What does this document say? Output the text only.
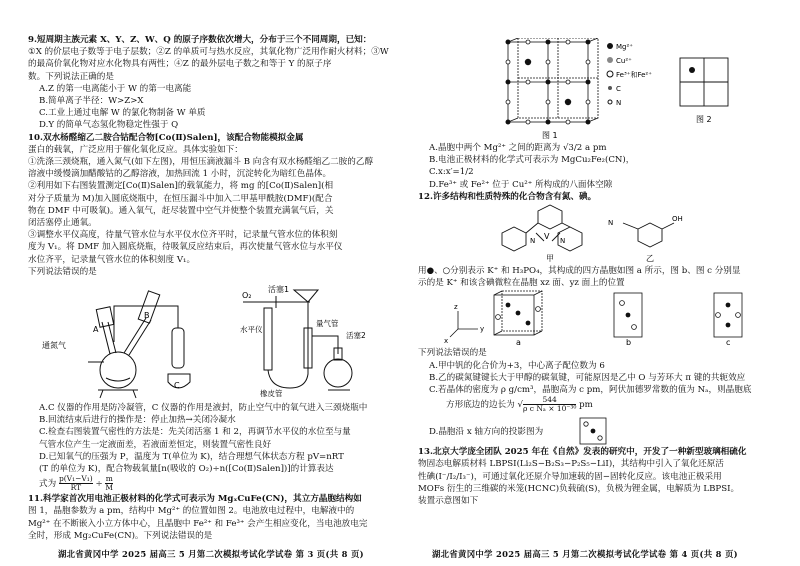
9.短周期主族元素 X、Y、Z、W、Q 的原子序数依次增大，分布于三个不同周期，已知：

①X 的价层电子数等于电子层数；②Z 的单质可与热水反应，其氧化物广泛用作耐火材料；③W

的最高价氧化物对应水化物具有两性；④Z 的最外层电子数之和等于 Y 的原子序

数。下列说法正确的是

A.Z 的第一电离能小于 W 的第一电离能

B.简单离子半径：W>Z>X

C.工业上通过电解 W 的氯化物制备 W 单质

D.Y 的简单气态氢化物稳定性强于 Q

10.双水杨醛缩乙二胺合钴配合物[Co(Ⅱ)Salen]，该配合物能模拟金属

蛋白的载氧，广泛应用于催化氧化反应。具体实验如下：

①洗涤三颈烧瓶，通入氮气(如下左图)，用恒压滴液漏斗 B 向含有双水杨醛缩乙二胺的乙醇

溶液中缓慢滴加醋酸钴的乙醇溶液，加热回流 1 小时，沉淀转化为暗红色晶体。

②利用如下右图装置测定[Co(Ⅱ)Salen]的载氧能力，将 mg 的[Co(Ⅱ)Salen](相

对分子质量为 M)加入圆底烧瓶中，在恒压漏斗中加入二甲基甲酰胺(DMF)(配合

物在 DMF 中可吸氧)。通入氧气，赶尽装置中空气并使整个装置充满氧气后，关

闭活塞停止通氧。

③调整水平仪高度，待量气管水位与水平仪水位齐平时，记录量气管水位的体积刻

度为 V₁。将 DMF 加入圆底烧瓶，待吸氧反应结束后，再次使量气管水位与水平仪

水位齐平，记录量气管水位的体积刻度 V₁。

下列说法错误的是

通氮气
A
B
C
O₂
活塞1
水平仪
量气管
活塞2
橡皮管

A.C 仪器的作用是防冷凝管，C 仪器的作用是液封，防止空气中的氧气进入三颈烧瓶中

B.回流结束后进行的操作是：停止加热→关闭冷凝水

C.检查右图装置气密性的方法是：先关闭活塞 1 和 2，再调节水平仪的水位至与量

气管水位产生一定液面差，若液面差恒定，则装置气密性良好

D.已知氧气的压强为 P，温度为 T(单位为 K)，结合理想气体状态方程 pV=nRT

(T 的单位为 K)，配合物载氧量[n(吸收的 O₂)÷n([Co(Ⅱ)Salen])]的计算表达

式为 $\frac{\text{p(V₁−V₁)}}{RT} \div \frac{m}{M}$

11.科学家首次用电池正极材料的化学式可表示为 MgₓCuFe(CN)，其立方晶胞结构如

图 1，晶胞参数为 a pm，结构中 Mg²⁺ 的位置如图 2。电池放电过程中，电解液中的

Mg²⁺ 在不断嵌入小立方体中心，且晶胞中 Fe²⁺ 和 Fe³⁺ 会产生相应变化，当电池放电完

全时，形成 Mg₂CuFe(CN)。下列说法错误的是

湖北省黄冈中学 2025 届高三 5 月第二次模拟考试化学试卷 第 3 页(共 8 页)
Mg²⁺
Cu²⁺
Fe³⁺和Fe²⁺
C
N
图 1
图 2

A.晶胞中两个 Mg²⁺ 之间的距离为 √3/2 a pm

B.电池正极材料的化学式可表示为 MgCu₂Fe₂(CN)，

C.x:x′=1/2

D.Fe³⁺ 或 Fe²⁺ 位于 Cu²⁺ 所构成的八面体空隙

12.许多结构和性质特殊的化合物含有氮、碘。

V
N	N
N	OH
甲	乙

用●、○分别表示 K⁺ 和 H₃PO₄，其构成的四方晶胞如图 a 所示，图 b、图 c 分别显

示的是 K⁺ 和该含碘微粒在晶胞 xz 面、yz 面上的位置

y
z
x	a	b	c

下列说法错误的是

A.甲中钒的化合价为+3，中心离子配位数为 6

B.乙的碳氮键键长大于甲醇的碳氧键，可能原因是乙中 O 与芳环大 π 键的共轭效应

C.若晶体的密度为 ρ g/cm³，晶胞高为 c pm，阿伏加德罗常数的值为 Nₐ，则晶胞底

方形底边的边长为 √ $\frac{544}{\text{ρ c Nₐ × 10⁻³⁰}}$ pm

D.晶胞沿 x 轴方向的投影图为

13.北京大学庞全团队 2025 年在《自然》发表的研究中，开发了一种新型玻璃相硫化

物固态电解质材料 LBPSI(Li₂S−B₂S₃−P₂S₅−LiI)，其结构中引入了氧化还原活

性碘(I⁻/I₂/I₃⁻)，可通过氧化还原介导加速载的固−固转化反应。该电池正极采用

MOFs 衍生的三维碳的米笼(HCNC)负载硫(S)，负极为锂金属，电解质为 LBPSI。

装置示意图如下

湖北省黄冈中学 2025 届高三 5 月第二次模拟考试化学试卷 第 4 页(共 8 页)
